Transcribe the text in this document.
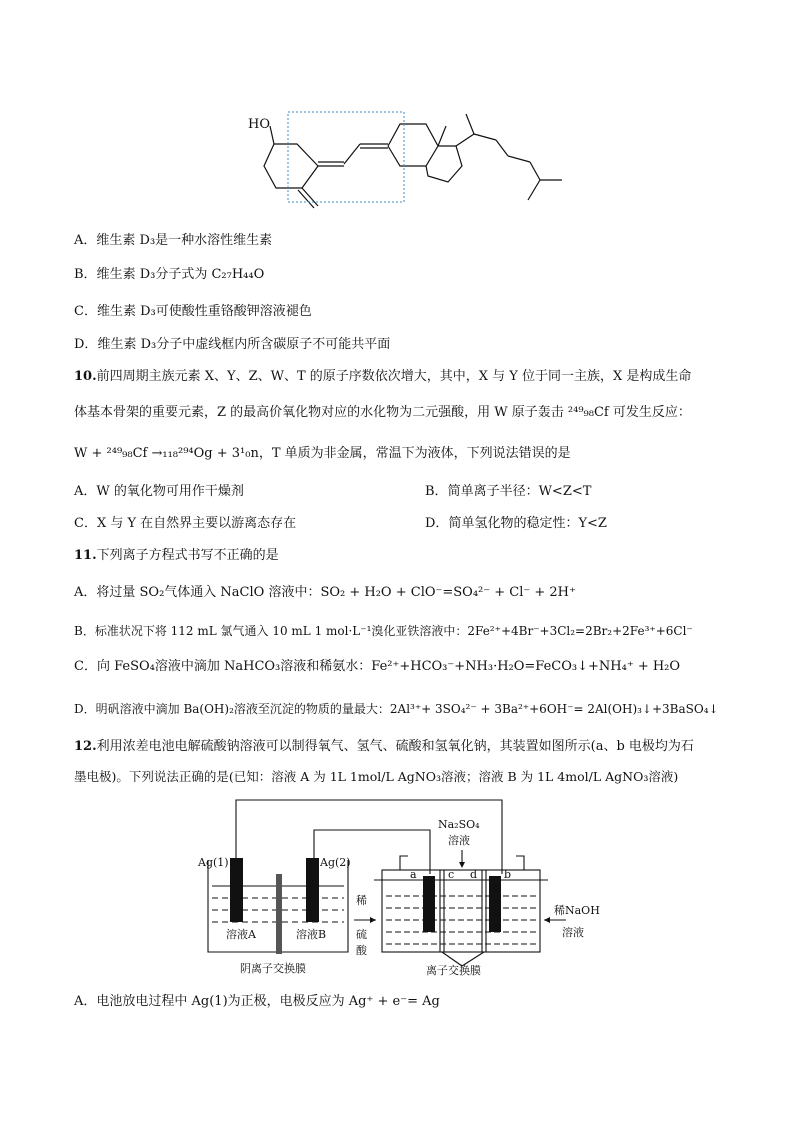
HO
A．维生素 D₃是一种水溶性维生素
B．维生素 D₃分子式为 C₂₇H₄₄O
C．维生素 D₃可使酸性重铬酸钾溶液褪色
D．维生素 D₃分子中虚线框内所含碳原子不可能共平面
10.前四周期主族元素 X、Y、Z、W、T 的原子序数依次增大，其中，X 与 Y 位于同一主族，X 是构成生命
体基本骨架的重要元素，Z 的最高价氧化物对应的水化物为二元强酸，用 W 原子轰击 ²⁴⁹₉₈Cf 可发生反应：
W + ²⁴⁹₉₈Cf →₁₁₈²⁹⁴Og + 3¹₀n，T 单质为非金属，常温下为液体，下列说法错误的是
A．W 的氧化物可用作干燥剂	B．简单离子半径：W<Z<T
C．X 与 Y 在自然界主要以游离态存在	D．简单氢化物的稳定性：Y<Z
11.下列离子方程式书写不正确的是
A．将过量 SO₂气体通入 NaClO 溶液中：SO₂ + H₂O + ClO⁻=SO₄²⁻ + Cl⁻ + 2H⁺
B．标准状况下将 112 mL 氯气通入 10 mL 1 mol·L⁻¹溴化亚铁溶液中：2Fe²⁺+4Br⁻+3Cl₂=2Br₂+2Fe³⁺+6Cl⁻
C．向 FeSO₄溶液中滴加 NaHCO₃溶液和稀氨水：Fe²⁺+HCO₃⁻+NH₃·H₂O=FeCO₃↓+NH₄⁺ + H₂O
D．明矾溶液中滴加 Ba(OH)₂溶液至沉淀的物质的量最大：2Al³⁺+ 3SO₄²⁻ + 3Ba²⁺+6OH⁻= 2Al(OH)₃↓+3BaSO₄↓
12.利用浓差电池电解硫酸钠溶液可以制得氧气、氢气、硫酸和氢氧化钠，其装置如图所示(a、b 电极均为石
墨电极)。下列说法正确的是(已知：溶液 A 为 1L 1mol/L AgNO₃溶液；溶液 B 为 1L 4mol/L AgNO₃溶液)
Ag(1)	Ag(2)
溶液A	溶液B
阴离子交换膜
Na₂SO₄
溶液
a	c d b
稀
硫
酸
稀NaOH
溶液
离子交换膜
A．电池放电过程中 Ag(1)为正极，电极反应为 Ag⁺ + e⁻= Ag
